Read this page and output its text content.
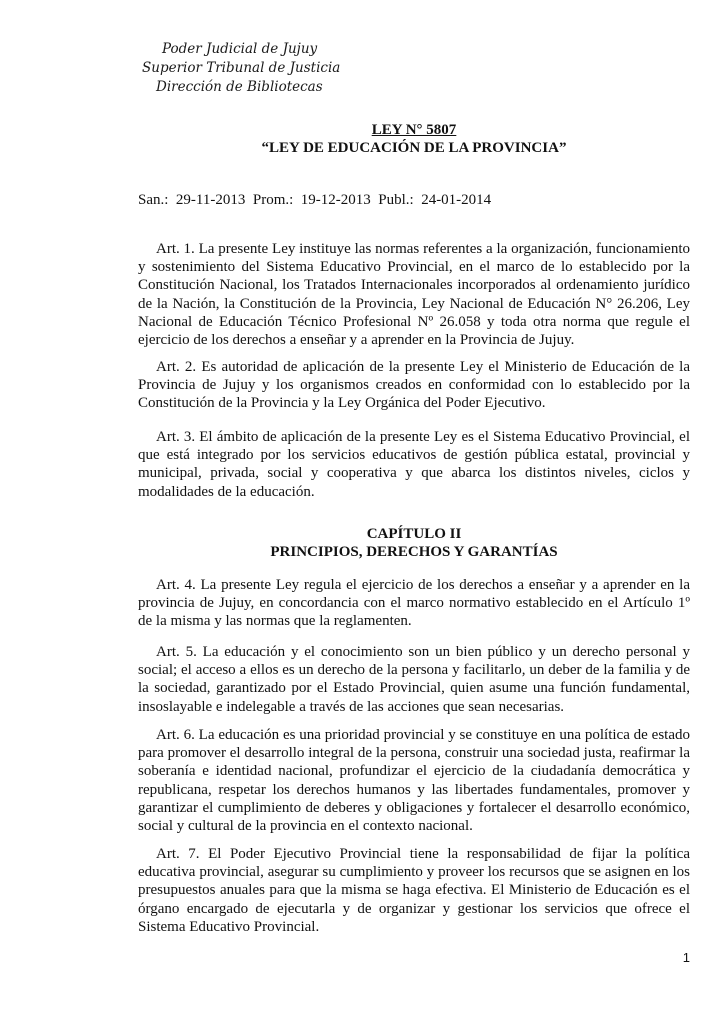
Poder Judicial de Jujuy
Superior Tribunal de Justicia
Dirección de Bibliotecas
LEY N° 5807
“LEY DE EDUCACIÓN DE LA PROVINCIA”
San.:  29-11-2013  Prom.:  19-12-2013  Publ.:  24-01-2014
Art. 1. La presente Ley instituye las normas referentes a la organización, funcionamiento y sostenimiento del Sistema Educativo Provincial, en el marco de lo establecido por la Constitución Nacional, los Tratados Internacionales incorporados al ordenamiento jurídico de la Nación, la Constitución de la Provincia, Ley Nacional de Educación N° 26.206, Ley Nacional de Educación Técnico Profesional Nº 26.058 y toda otra norma que regule el ejercicio de los derechos a enseñar y a aprender en la Provincia de Jujuy.
Art. 2. Es autoridad de aplicación de la presente Ley el Ministerio de Educación de la Provincia de Jujuy y los organismos creados en conformidad con lo establecido por la Constitución de la Provincia y la Ley Orgánica del Poder Ejecutivo.
Art. 3. El ámbito de aplicación de la presente Ley es el Sistema Educativo Provincial, el que está integrado por los servicios educativos de gestión pública estatal, provincial y municipal, privada, social y cooperativa y que abarca los distintos niveles, ciclos y modalidades de la educación.
CAPÍTULO II
PRINCIPIOS, DERECHOS Y GARANTÍAS
Art. 4. La presente Ley regula el ejercicio de los derechos a enseñar y a aprender en la provincia de Jujuy, en concordancia con el marco normativo establecido en el Artículo 1º de la misma y las normas que la reglamenten.
Art. 5. La educación y el conocimiento son un bien público y un derecho personal y social; el acceso a ellos es un derecho de la persona y facilitarlo, un deber de la familia y de la sociedad, garantizado por el Estado Provincial, quien asume una función fundamental, insoslayable e indelegable a través de las acciones que sean necesarias.
Art. 6. La educación es una prioridad provincial y se constituye en una política de estado para promover el desarrollo integral de la persona, construir una sociedad justa, reafirmar la soberanía e identidad nacional, profundizar el ejercicio de la ciudadanía democrática y republicana, respetar los derechos humanos y las libertades fundamentales, promover y garantizar el cumplimiento de deberes y obligaciones y fortalecer el desarrollo económico, social y cultural de la provincia en el contexto nacional.
Art. 7. El Poder Ejecutivo Provincial tiene la responsabilidad de fijar la política educativa provincial, asegurar su cumplimiento y proveer los recursos que se asignen en los presupuestos anuales para que la misma se haga efectiva. El Ministerio de Educación es el órgano encargado de ejecutarla y de organizar y gestionar los servicios que ofrece el Sistema Educativo Provincial.
1
